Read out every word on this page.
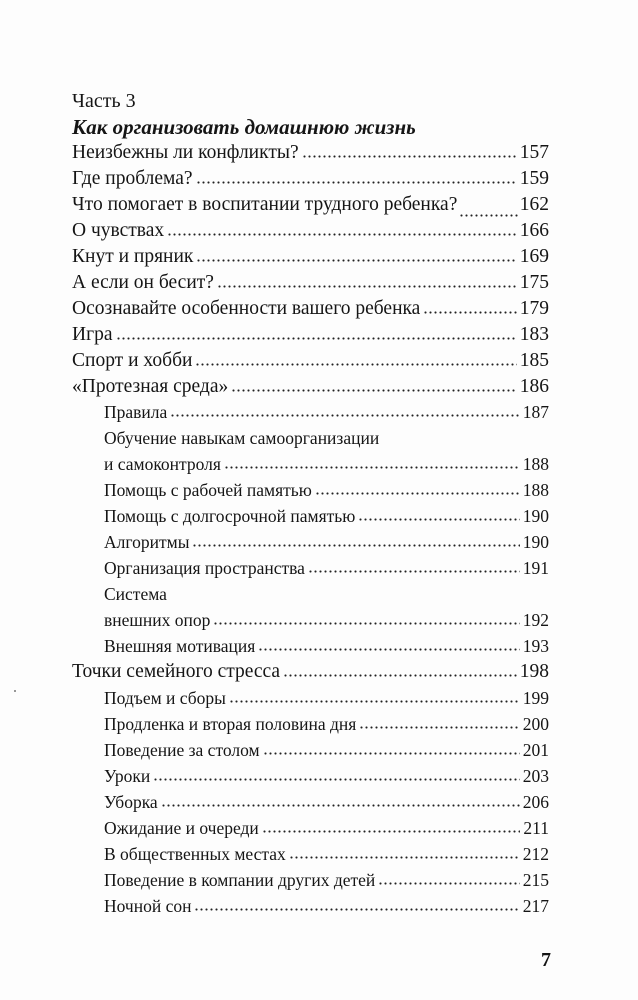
Часть 3
Как организовать домашнюю жизнь
Неизбежны ли конфликты?	157
Где проблема?	159
Что помогает в воспитании трудного ребенка?	162
О чувствах	166
Кнут и пряник	169
А если он бесит?	175
Осознавайте особенности вашего ребенка	179
Игра	183
Спорт и хобби	185
«Протезная среда»	186
Правила	187
Обучение навыкам самоорганизации
и самоконтроля	188
Помощь с рабочей памятью	188
Помощь с долгосрочной памятью	190
Алгоритмы	190
Организация пространства	191
Система
внешних опор	192
Внешняя мотивация	193
Точки семейного стресса	198
Подъем и сборы	199
Продленка и вторая половина дня	200
Поведение за столом	201
Уроки	203
Уборка	206
Ожидание и очереди	211
В общественных местах	212
Поведение в компании других детей	215
Ночной сон	217
7
